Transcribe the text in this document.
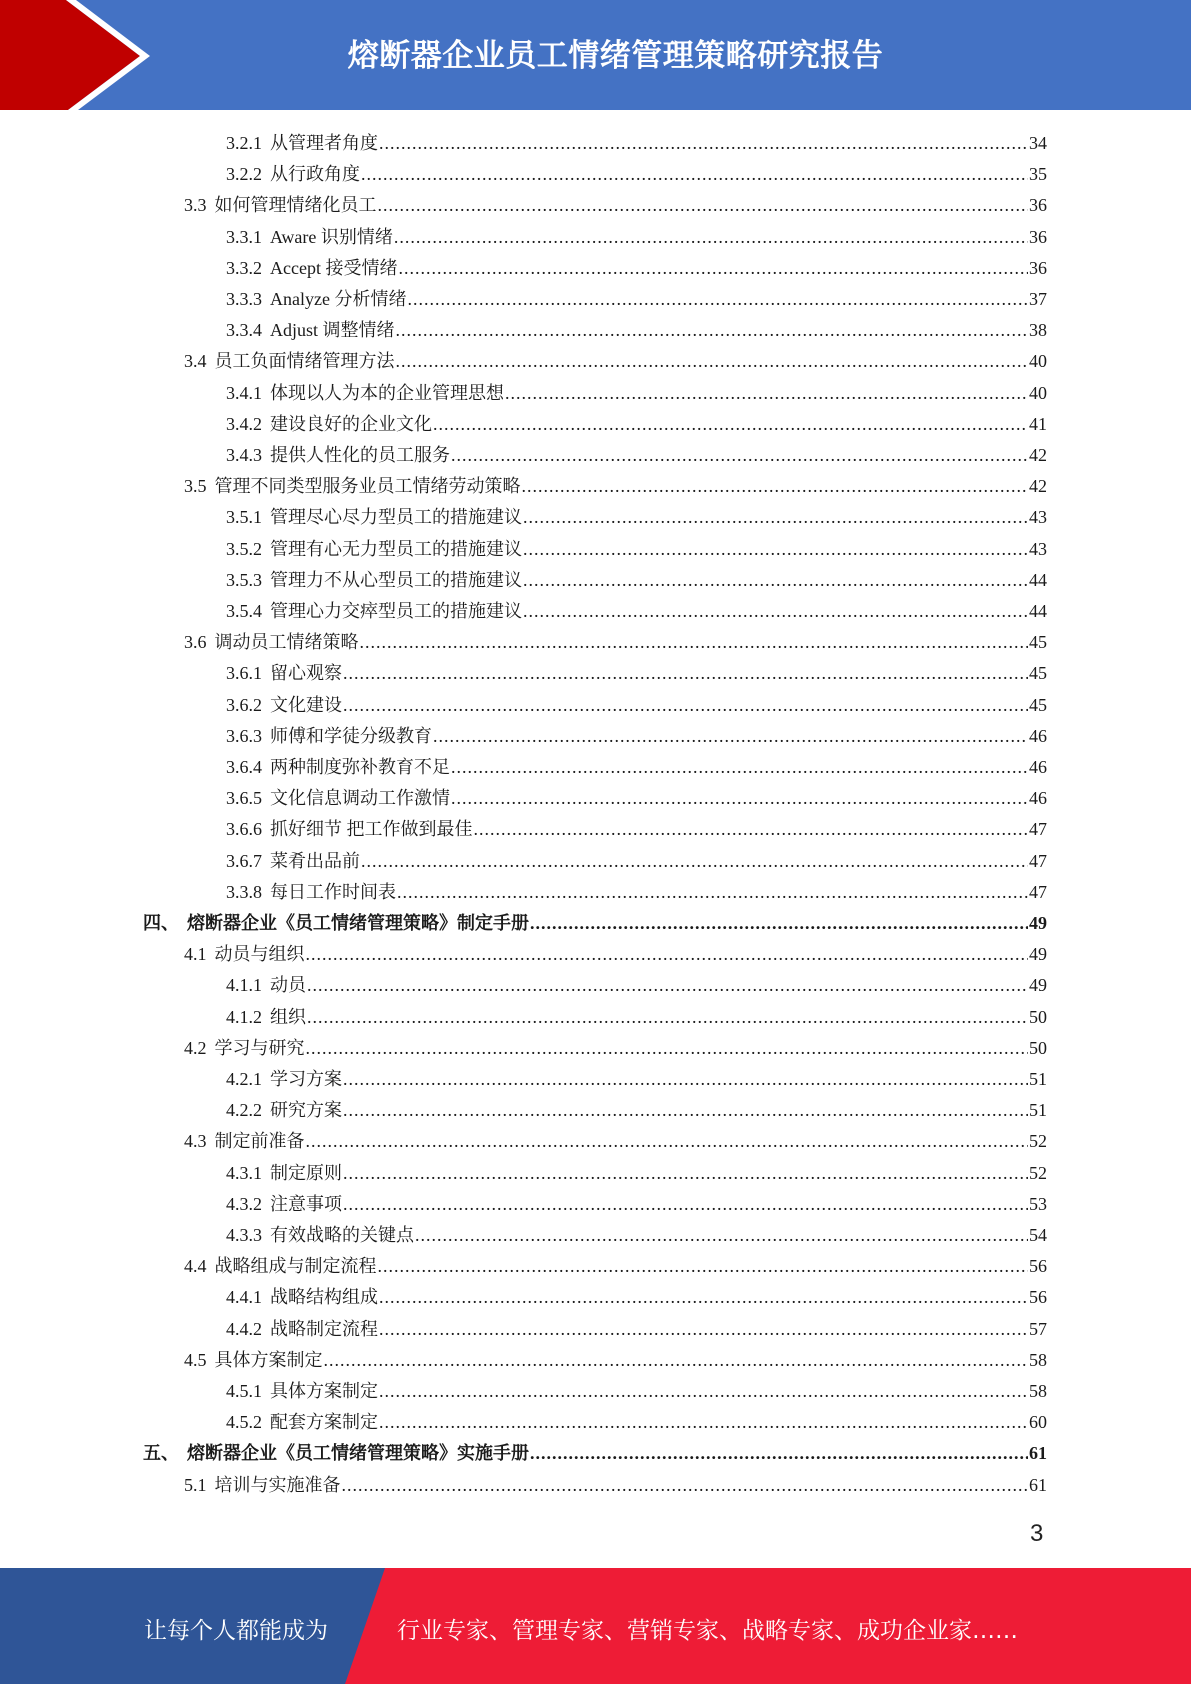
熔断器企业员工情绪管理策略研究报告
3.2.1 从管理者角度 .....	34
3.2.2 从行政角度 .....	35
3.3 如何管理情绪化员工 .....	36
3.3.1 Aware 识别情绪 .....	36
3.3.2 Accept 接受情绪 .....	36
3.3.3 Analyze 分析情绪 .....	37
3.3.4 Adjust 调整情绪 .....	38
3.4 员工负面情绪管理方法 .....	40
3.4.1 体现以人为本的企业管理思想 .....	40
3.4.2 建设良好的企业文化 .....	41
3.4.3 提供人性化的员工服务 .....	42
3.5 管理不同类型服务业员工情绪劳动策略 .....	42
3.5.1 管理尽心尽力型员工的措施建议 .....	43
3.5.2 管理有心无力型员工的措施建议 .....	43
3.5.3 管理力不从心型员工的措施建议 .....	44
3.5.4 管理心力交瘁型员工的措施建议 .....	44
3.6 调动员工情绪策略 .....	45
3.6.1 留心观察 .....	45
3.6.2 文化建设 .....	45
3.6.3 师傅和学徒分级教育 .....	46
3.6.4 两种制度弥补教育不足 .....	46
3.6.5 文化信息调动工作激情 .....	46
3.6.6 抓好细节 把工作做到最佳 .....	47
3.6.7 菜肴出品前 .....	47
3.3.8 每日工作时间表 .....	47
四、 熔断器企业《员工情绪管理策略》制定手册 .....	49
4.1 动员与组织 .....	49
4.1.1 动员 .....	49
4.1.2 组织 .....	50
4.2 学习与研究 .....	50
4.2.1 学习方案 .....	51
4.2.2 研究方案 .....	51
4.3 制定前准备 .....	52
4.3.1 制定原则 .....	52
4.3.2 注意事项 .....	53
4.3.3 有效战略的关键点 .....	54
4.4 战略组成与制定流程 .....	56
4.4.1 战略结构组成 .....	56
4.4.2 战略制定流程 .....	57
4.5 具体方案制定 .....	58
4.5.1 具体方案制定 .....	58
4.5.2 配套方案制定 .....	60
五、 熔断器企业《员工情绪管理策略》实施手册 .....	61
5.1 培训与实施准备 .....	61
3
让每个人都能成为	行业专家、管理专家、营销专家、战略专家、成功企业家……
